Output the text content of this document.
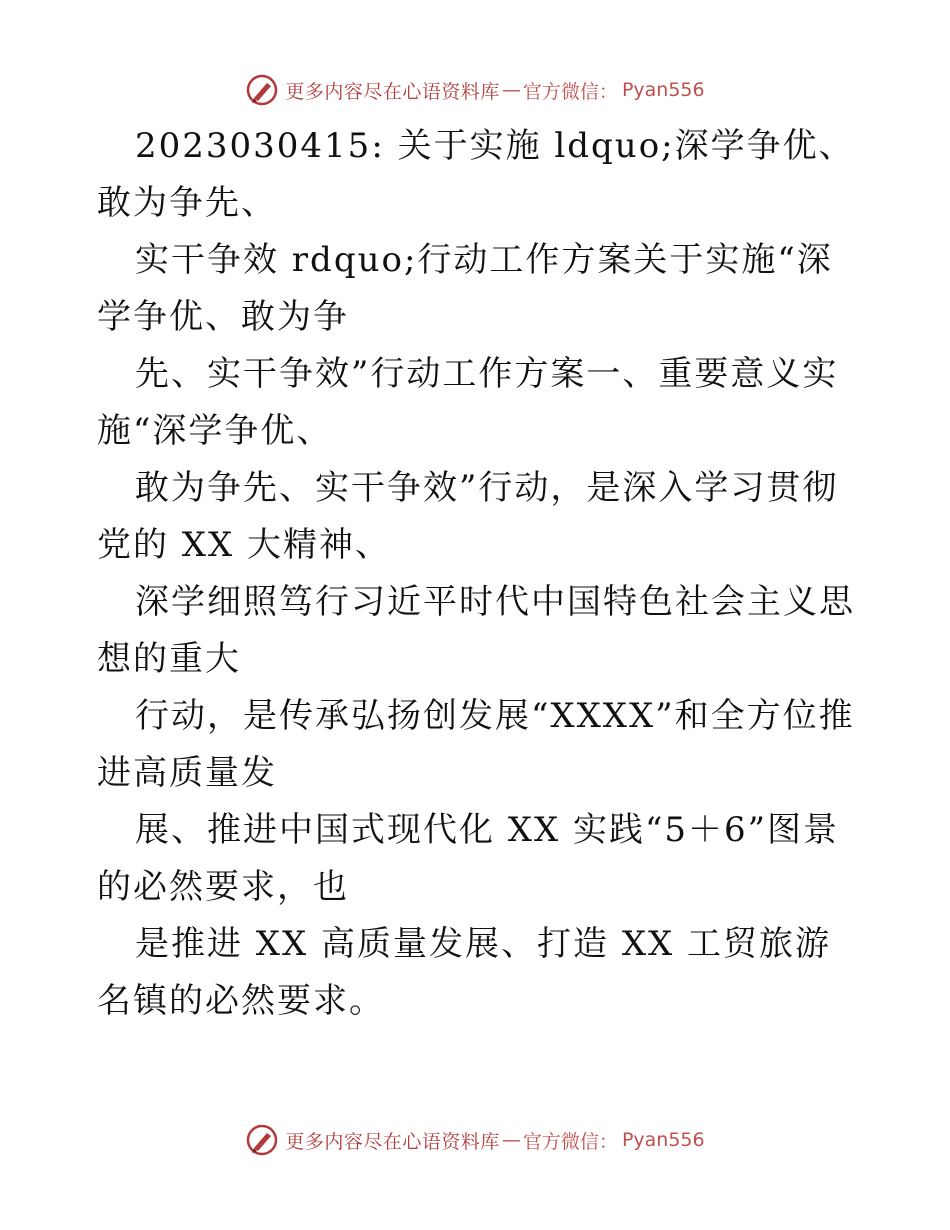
更多内容尽在心语资料库 — 官方微信： Pyan556

2023030415: 关于实施 ldquo;深学争优、敢为争先、

实干争效 rdquo;行动工作方案关于实施“深学争优、敢为争

先、实干争效”行动工作方案一、重要意义实施“深学争优、

敢为争先、实干争效”行动，是深入学习贯彻党的 XX 大精神、

深学细照笃行习近平时代中国特色社会主义思想的重大

行动，是传承弘扬创发展“XXXX”和全方位推进高质量发

展、推进中国式现代化 XX 实践“5＋6”图景的必然要求，也

是推进 XX 高质量发展、打造 XX 工贸旅游名镇的必然要求。

更多内容尽在心语资料库 — 官方微信： Pyan556
